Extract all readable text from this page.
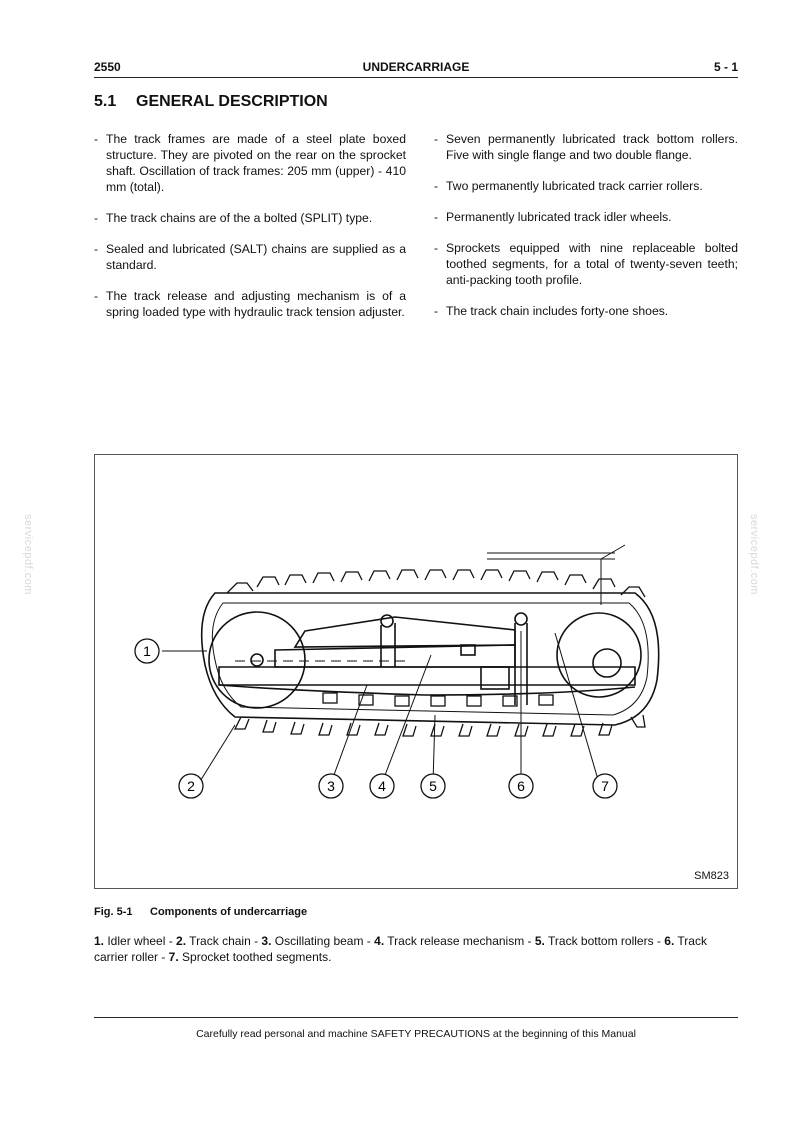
2550	UNDERCARRIAGE	5 - 1
5.1 GENERAL DESCRIPTION
- The track frames are made of a steel plate boxed structure. They are pivoted on the rear on the sprocket shaft. Oscillation of track frames: 205 mm (upper) - 410 mm (total).
- The track chains are of the a bolted (SPLIT) type.
- Sealed and lubricated (SALT) chains are supplied as a standard.
- The track release and adjusting mechanism is of a spring loaded type with hydraulic track tension adjuster.
- Seven permanently lubricated track bottom rollers. Five with single flange and two double flange.
- Two permanently lubricated track carrier rollers.
- Permanently lubricated track idler wheels.
- Sprockets equipped with nine replaceable bolted toothed segments, for a total of twenty-seven teeth; anti-packing tooth profile.
- The track chain includes forty-one shoes.
1
2	3	4	5	6	7
SM823
Fig. 5-1 Components of undercarriage
1. Idler wheel - 2. Track chain - 3. Oscillating beam - 4. Track release mechanism - 5. Track bottom rollers - 6. Track carrier roller - 7. Sprocket toothed segments.
Carefully read personal and machine SAFETY PRECAUTIONS at the beginning of this Manual
servicepdf.com	servicepdf.com
